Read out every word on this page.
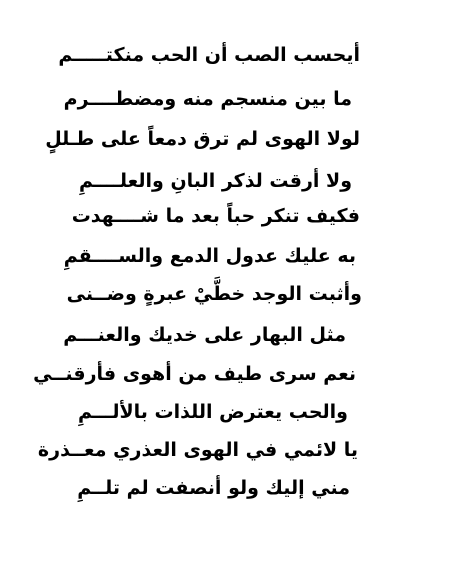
أيحسب الصب أن الحب منكتـــــم
ما بين منسجم منه ومضطــــرم
لولا الهوى لم ترق دمعاً على طـللٍ
ولا أرقت لذكر البانِ والعلــــمِ
فكيف تنكر حباً بعد ما شــــهدت
به عليك عدول الدمع والســــقمِ
وأثبت الوجد خطَّيْ عبرةٍ وضــنى
مثل البهار على خديك والعنـــم
نعم سرى طيف من أهوى فأرقنــي
والحب يعترض اللذات بالألـــمِ
يا لائمي في الهوى العذري معــذرة
مني إليك ولو أنصفت لم تلــمِ
